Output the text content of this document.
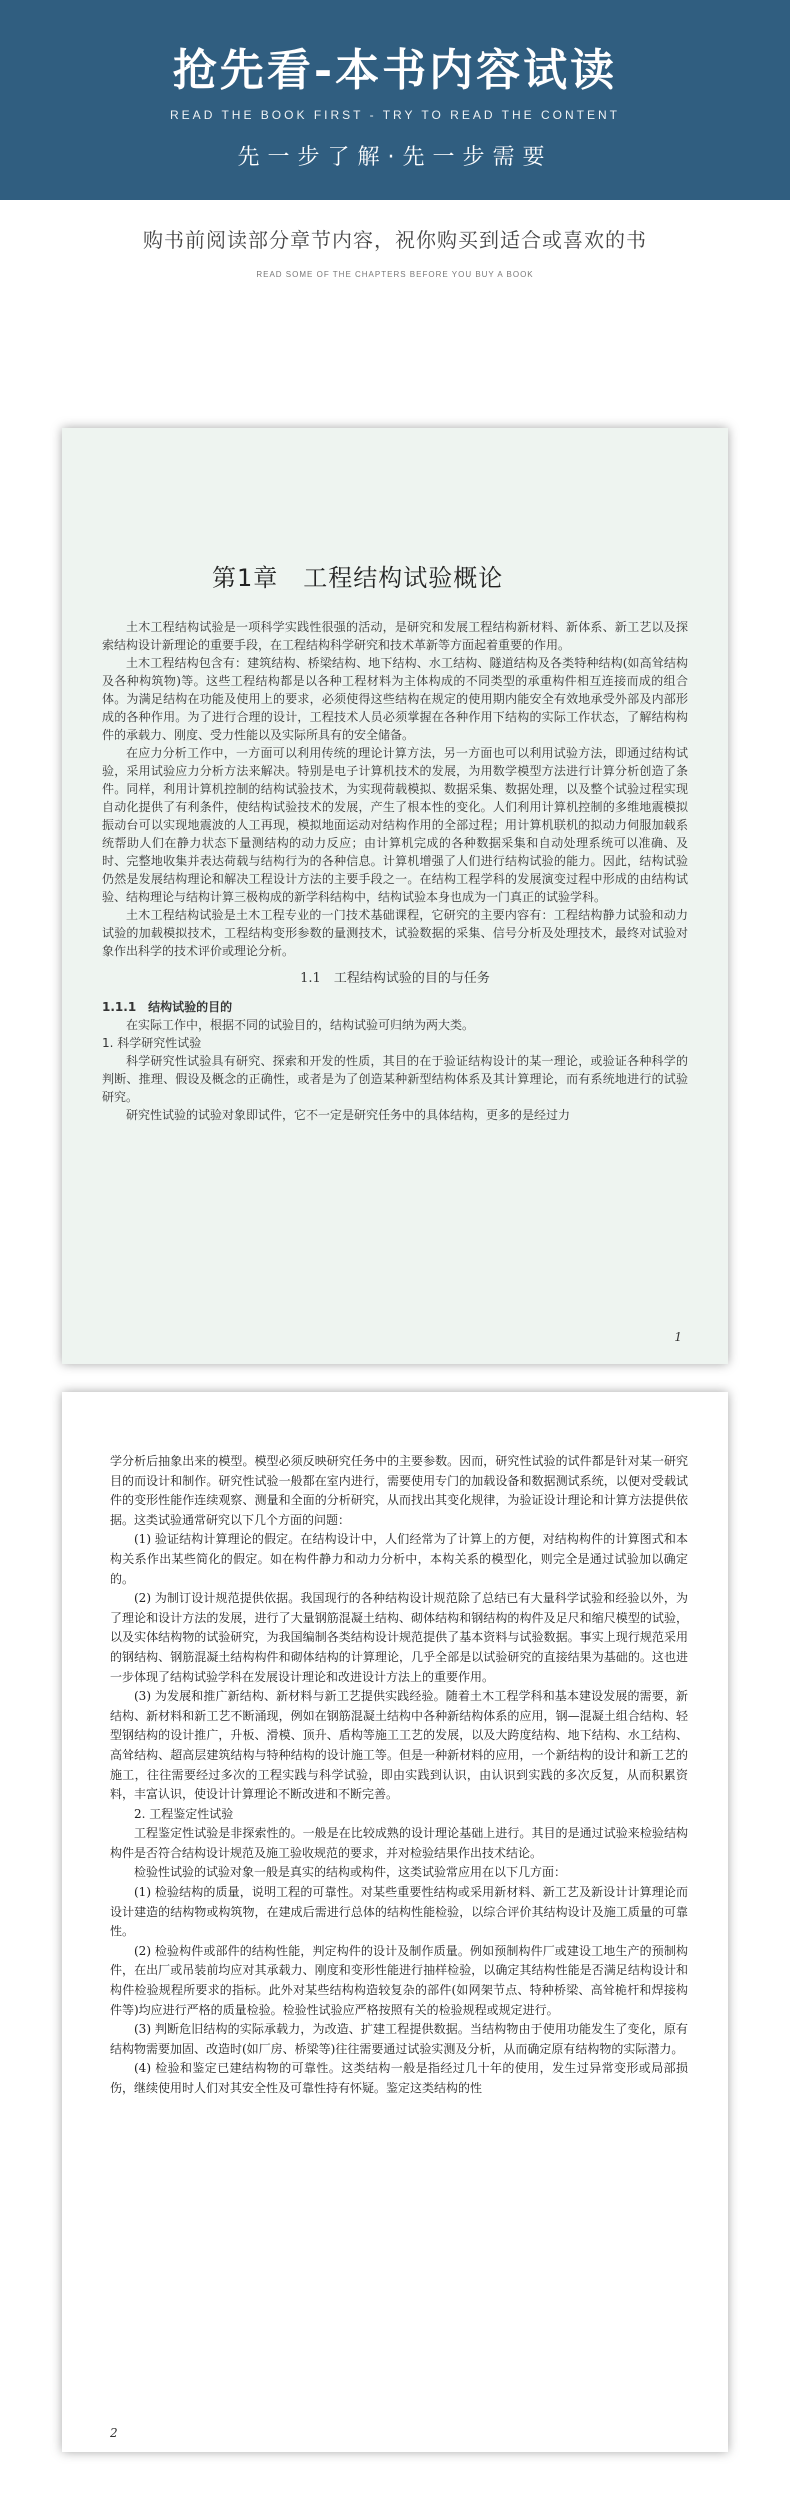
抢先看-本书内容试读
READ THE BOOK FIRST - TRY TO READ THE CONTENT
先一步了解·先一步需要
购书前阅读部分章节内容，祝你购买到适合或喜欢的书
READ SOME OF THE CHAPTERS BEFORE YOU BUY A BOOK
第1章　工程结构试验概论

土木工程结构试验是一项科学实践性很强的活动，是研究和发展工程结构新材料、新体系、新工艺以及探索结构设计新理论的重要手段，在工程结构科学研究和技术革新等方面起着重要的作用。

土木工程结构包含有：建筑结构、桥梁结构、地下结构、水工结构、隧道结构及各类特种结构(如高耸结构及各种构筑物)等。这些工程结构都是以各种工程材料为主体构成的不同类型的承重构件相互连接而成的组合体。为满足结构在功能及使用上的要求，必须使得这些结构在规定的使用期内能安全有效地承受外部及内部形成的各种作用。为了进行合理的设计，工程技术人员必须掌握在各种作用下结构的实际工作状态，了解结构构件的承载力、刚度、受力性能以及实际所具有的安全储备。

在应力分析工作中，一方面可以利用传统的理论计算方法，另一方面也可以利用试验方法，即通过结构试验，采用试验应力分析方法来解决。特别是电子计算机技术的发展，为用数学模型方法进行计算分析创造了条件。同样，利用计算机控制的结构试验技术，为实现荷载模拟、数据采集、数据处理，以及整个试验过程实现自动化提供了有利条件，使结构试验技术的发展，产生了根本性的变化。人们利用计算机控制的多维地震模拟振动台可以实现地震波的人工再现，模拟地面运动对结构作用的全部过程；用计算机联机的拟动力伺服加载系统帮助人们在静力状态下量测结构的动力反应；由计算机完成的各种数据采集和自动处理系统可以准确、及时、完整地收集并表达荷载与结构行为的各种信息。计算机增强了人们进行结构试验的能力。因此，结构试验仍然是发展结构理论和解决工程设计方法的主要手段之一。在结构工程学科的发展演变过程中形成的由结构试验、结构理论与结构计算三极构成的新学科结构中，结构试验本身也成为一门真正的试验学科。

土木工程结构试验是土木工程专业的一门技术基础课程，它研究的主要内容有：工程结构静力试验和动力试验的加载模拟技术，工程结构变形参数的量测技术，试验数据的采集、信号分析及处理技术，最终对试验对象作出科学的技术评价或理论分析。

1.1　工程结构试验的目的与任务

1.1.1　结构试验的目的

在实际工作中，根据不同的试验目的，结构试验可归纳为两大类。

1. 科学研究性试验

科学研究性试验具有研究、探索和开发的性质，其目的在于验证结构设计的某一理论，或验证各种科学的判断、推理、假设及概念的正确性，或者是为了创造某种新型结构体系及其计算理论，而有系统地进行的试验研究。

研究性试验的试验对象即试件，它不一定是研究任务中的具体结构，更多的是经过力

1

学分析后抽象出来的模型。模型必须反映研究任务中的主要参数。因而，研究性试验的试件都是针对某一研究目的而设计和制作。研究性试验一般都在室内进行，需要使用专门的加载设备和数据测试系统，以便对受载试件的变形性能作连续观察、测量和全面的分析研究，从而找出其变化规律，为验证设计理论和计算方法提供依据。这类试验通常研究以下几个方面的问题：

(1) 验证结构计算理论的假定。在结构设计中，人们经常为了计算上的方便，对结构构件的计算图式和本构关系作出某些简化的假定。如在构件静力和动力分析中，本构关系的模型化，则完全是通过试验加以确定的。

(2) 为制订设计规范提供依据。我国现行的各种结构设计规范除了总结已有大量科学试验和经验以外，为了理论和设计方法的发展，进行了大量钢筋混凝土结构、砌体结构和钢结构的构件及足尺和缩尺模型的试验，以及实体结构物的试验研究，为我国编制各类结构设计规范提供了基本资料与试验数据。事实上现行规范采用的钢结构、钢筋混凝土结构构件和砌体结构的计算理论，几乎全部是以试验研究的直接结果为基础的。这也进一步体现了结构试验学科在发展设计理论和改进设计方法上的重要作用。

(3) 为发展和推广新结构、新材料与新工艺提供实践经验。随着土木工程学科和基本建设发展的需要，新结构、新材料和新工艺不断涌现，例如在钢筋混凝土结构中各种新结构体系的应用，钢—混凝土组合结构、轻型钢结构的设计推广，升板、滑模、顶升、盾构等施工工艺的发展，以及大跨度结构、地下结构、水工结构、高耸结构、超高层建筑结构与特种结构的设计施工等。但是一种新材料的应用，一个新结构的设计和新工艺的施工，往往需要经过多次的工程实践与科学试验，即由实践到认识，由认识到实践的多次反复，从而积累资料，丰富认识，使设计计算理论不断改进和不断完善。

2. 工程鉴定性试验

工程鉴定性试验是非探索性的。一般是在比较成熟的设计理论基础上进行。其目的是通过试验来检验结构构件是否符合结构设计规范及施工验收规范的要求，并对检验结果作出技术结论。

检验性试验的试验对象一般是真实的结构或构件，这类试验常应用在以下几方面：

(1) 检验结构的质量，说明工程的可靠性。对某些重要性结构或采用新材料、新工艺及新设计计算理论而设计建造的结构物或构筑物，在建成后需进行总体的结构性能检验，以综合评价其结构设计及施工质量的可靠性。

(2) 检验构件或部件的结构性能，判定构件的设计及制作质量。例如预制构件厂或建设工地生产的预制构件，在出厂或吊装前均应对其承载力、刚度和变形性能进行抽样检验，以确定其结构性能是否满足结构设计和构件检验规程所要求的指标。此外对某些结构构造较复杂的部件(如网架节点、特种桥梁、高耸桅杆和焊接构件等)均应进行严格的质量检验。检验性试验应严格按照有关的检验规程或规定进行。

(3) 判断危旧结构的实际承载力，为改造、扩建工程提供数据。当结构物由于使用功能发生了变化，原有结构物需要加固、改造时(如厂房、桥梁等)往往需要通过试验实测及分析，从而确定原有结构物的实际潜力。

(4) 检验和鉴定已建结构物的可靠性。这类结构一般是指经过几十年的使用，发生过异常变形或局部损伤，继续使用时人们对其安全性及可靠性持有怀疑。鉴定这类结构的性

2
